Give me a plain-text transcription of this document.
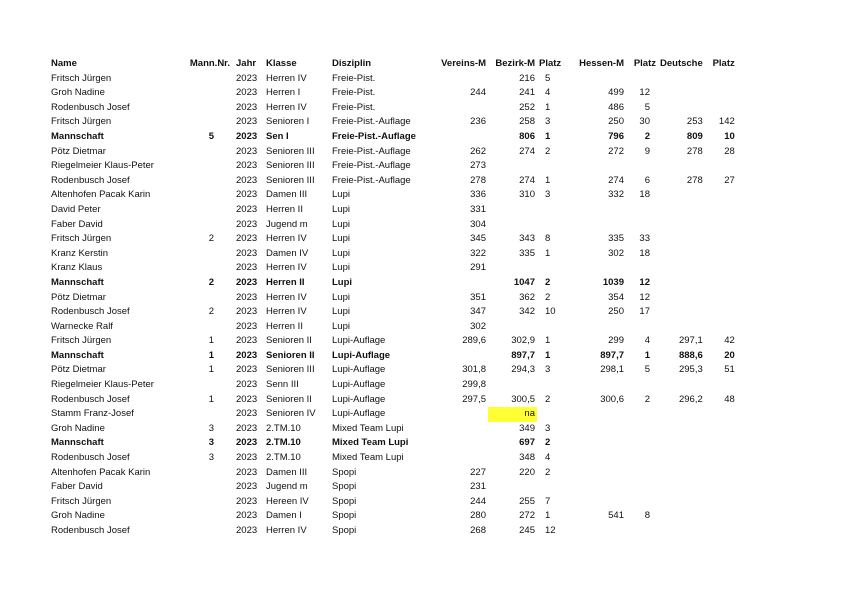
Name	Mann.Nr.	Jahr	Klasse	Disziplin	Vereins-M	Bezirk-M	Platz	Hessen-M	Platz	Deutsche	Platz
Fritsch Jürgen		2023	Herren IV	Freie-Pist.		216	5				
Groh Nadine		2023	Herren I	Freie-Pist.	244	241	4	499	12		
Rodenbusch Josef		2023	Herren IV	Freie-Pist.		252	1	486	5		
Fritsch Jürgen		2023	Senioren I	Freie-Pist.-Auflage	236	258	3	250	30	253	142
Mannschaft	5	2023	Sen I	Freie-Pist.-Auflage		806	1	796	2	809	10
Pötz Dietmar		2023	Senioren III	Freie-Pist.-Auflage	262	274	2	272	9	278	28
Riegelmeier Klaus-Peter		2023	Senioren III	Freie-Pist.-Auflage	273						
Rodenbusch Josef		2023	Senioren III	Freie-Pist.-Auflage	278	274	1	274	6	278	27
Altenhofen Pacak Karin		2023	Damen III	Lupi	336	310	3	332	18		
David Peter		2023	Herren II	Lupi	331						
Faber David		2023	Jugend m	Lupi	304						
Fritsch Jürgen	2	2023	Herren IV	Lupi	345	343	8	335	33		
Kranz Kerstin		2023	Damen IV	Lupi	322	335	1	302	18		
Kranz Klaus		2023	Herren IV	Lupi	291						
Mannschaft	2	2023	Herren II	Lupi		1047	2	1039	12		
Pötz Dietmar		2023	Herren IV	Lupi	351	362	2	354	12		
Rodenbusch Josef	2	2023	Herren IV	Lupi	347	342	10	250	17		
Warnecke Ralf		2023	Herren II	Lupi	302						
Fritsch Jürgen	1	2023	Senioren II	Lupi-Auflage	289,6	302,9	1	299	4	297,1	42
Mannschaft	1	2023	Senioren II	Lupi-Auflage		897,7	1	897,7	1	888,6	20
Pötz Dietmar	1	2023	Senioren III	Lupi-Auflage	301,8	294,3	3	298,1	5	295,3	51
Riegelmeier Klaus-Peter		2023	Senn III	Lupi-Auflage	299,8						
Rodenbusch Josef	1	2023	Senioren II	Lupi-Auflage	297,5	300,5	2	300,6	2	296,2	48
Stamm Franz-Josef		2023	Senioren IV	Lupi-Auflage		na					
Groh Nadine	3	2023	2.TM.10	Mixed Team Lupi		349	3				
Mannschaft	3	2023	2.TM.10	Mixed Team Lupi		697	2				
Rodenbusch Josef	3	2023	2.TM.10	Mixed Team Lupi		348	4				
Altenhofen Pacak Karin		2023	Damen III	Spopi	227	220	2				
Faber David		2023	Jugend m	Spopi	231						
Fritsch Jürgen		2023	Hereen IV	Spopi	244	255	7				
Groh Nadine		2023	Damen I	Spopi	280	272	1	541	8		
Rodenbusch Josef		2023	Herren IV	Spopi	268	245	12				
